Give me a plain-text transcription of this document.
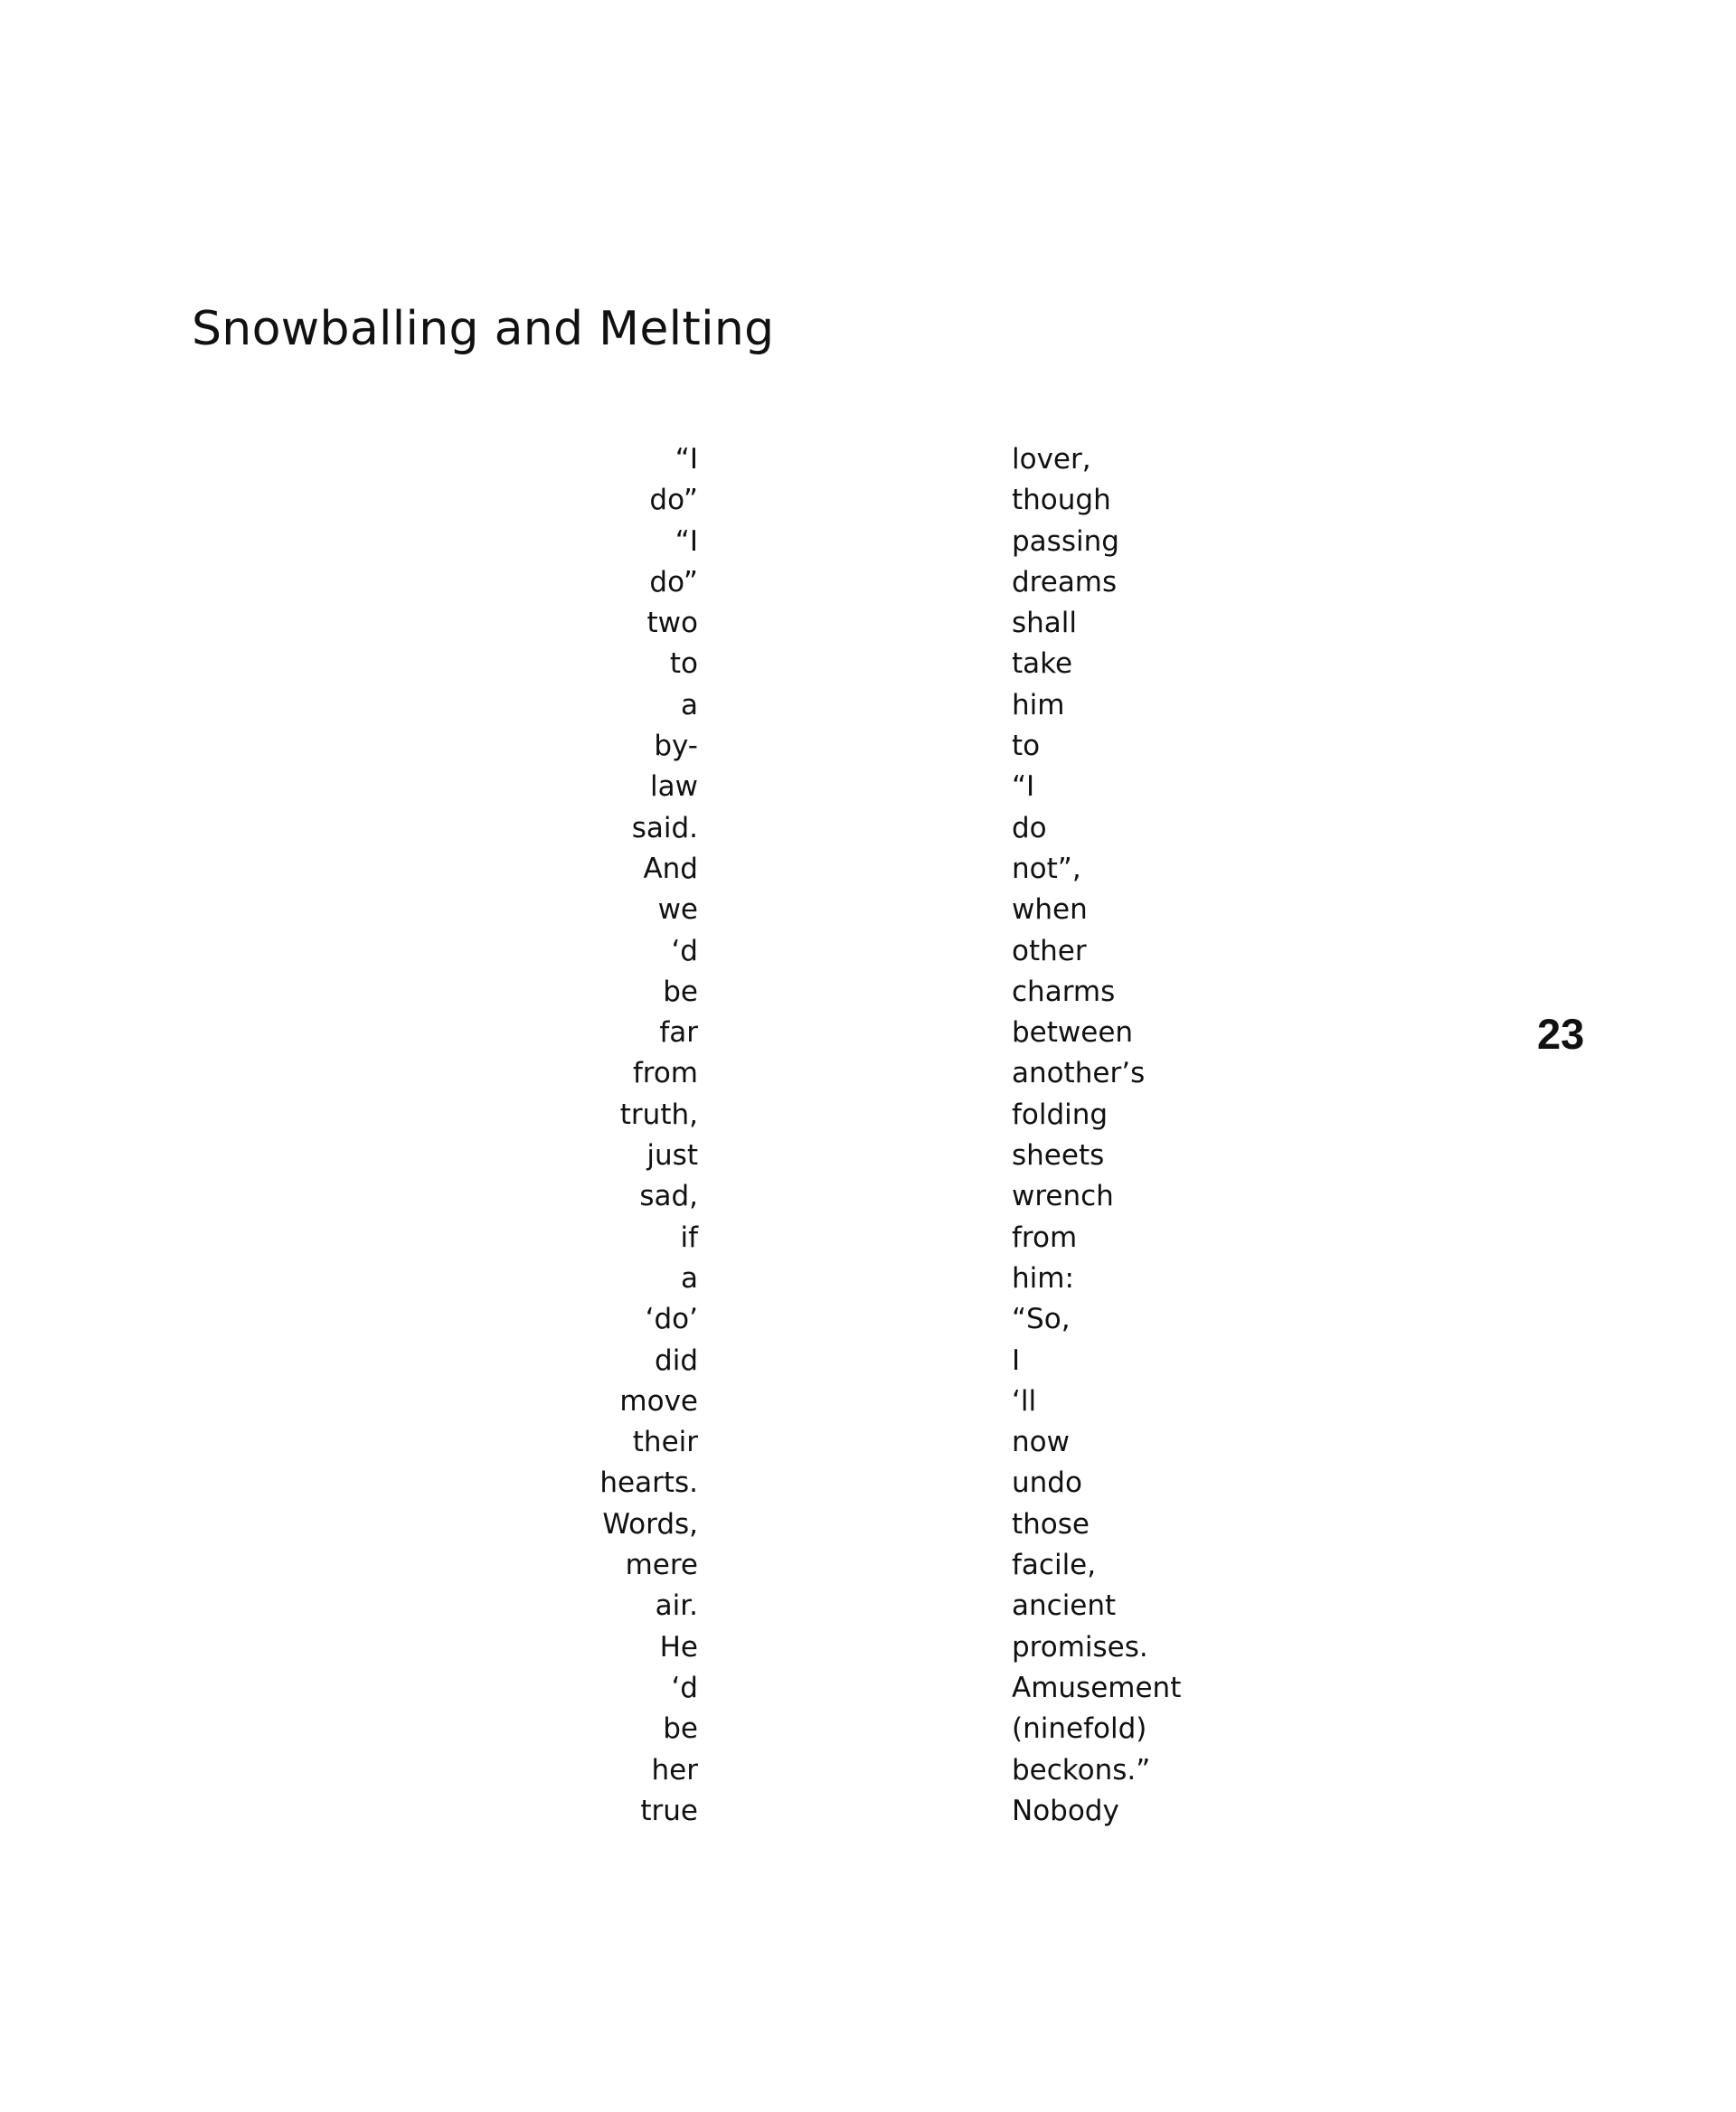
Snowballing and Melting
“I
do”
“I
do”
two
to
a
by-
law
said.
And
we
‘d
be
far
from
truth,
just
sad,
if
a
‘do’
did
move
their
hearts.
Words,
mere
air.
He
‘d
be
her
true
lover,
though
passing
dreams
shall
take
him
to
“I
do
not”,
when
other
charms
between
another’s
folding
sheets
wrench
from
him:
“So,
I
‘ll
now
undo
those
facile,
ancient
promises.
Amusement
(ninefold)
beckons.”
Nobody
23
